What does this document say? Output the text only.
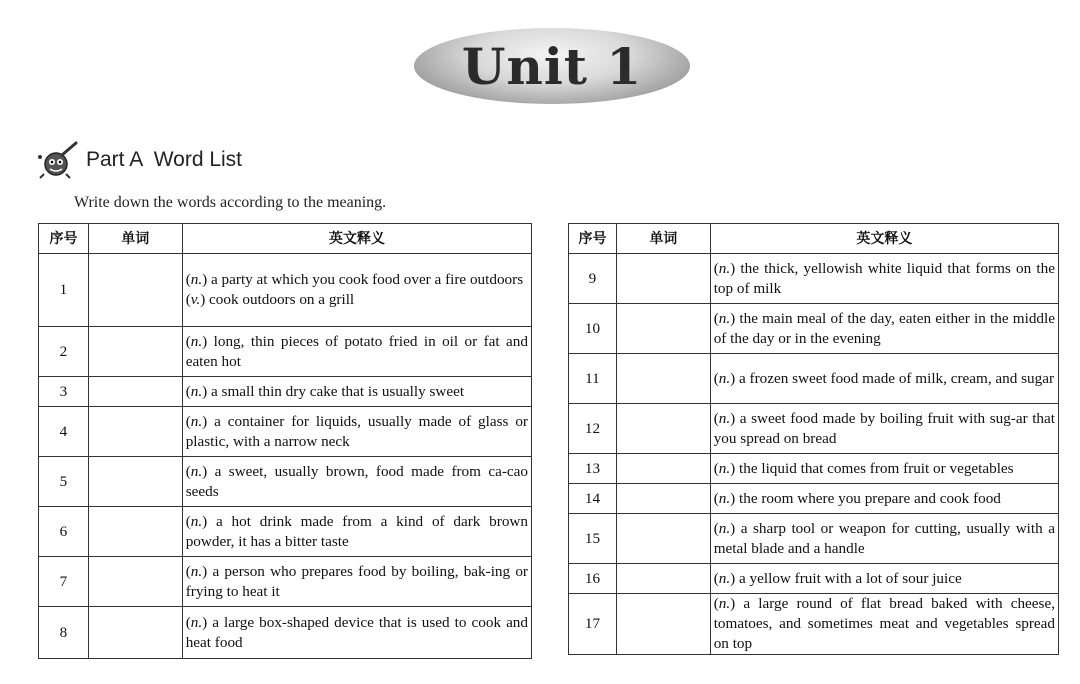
Unit 1
Part A  Word List
Write down the words according to the meaning.
序号	单词	英文释义
1		(n.) a party at which you cook food over a fire outdoors
(v.) cook outdoors on a grill

2		(n.) long, thin pieces of potato fried in oil or fat and eaten hot

3		(n.) a small thin dry cake that is usually sweet

4		(n.) a container for liquids, usually made of glass or plastic, with a narrow neck

5		(n.) a sweet, usually brown, food made from ca-cao seeds

6		(n.) a hot drink made from a kind of dark brown powder, it has a bitter taste

7		(n.) a person who prepares food by boiling, bak-ing or frying to heat it

8		(n.) a large box-shaped device that is used to cook and heat food
序号	单词	英文释义
9		(n.) the thick, yellowish white liquid that forms on the top of milk

10		(n.) the main meal of the day, eaten either in the middle of the day or in the evening

11		(n.) a frozen sweet food made of milk, cream, and sugar

12		(n.) a sweet food made by boiling fruit with sug-ar that you spread on bread

13		(n.) the liquid that comes from fruit or vegetables

14		(n.) the room where you prepare and cook food

15		(n.) a sharp tool or weapon for cutting, usually with a metal blade and a handle

16		(n.) a yellow fruit with a lot of sour juice

17		(n.) a large round of flat bread baked with cheese, tomatoes, and sometimes meat and vegetables spread on top
